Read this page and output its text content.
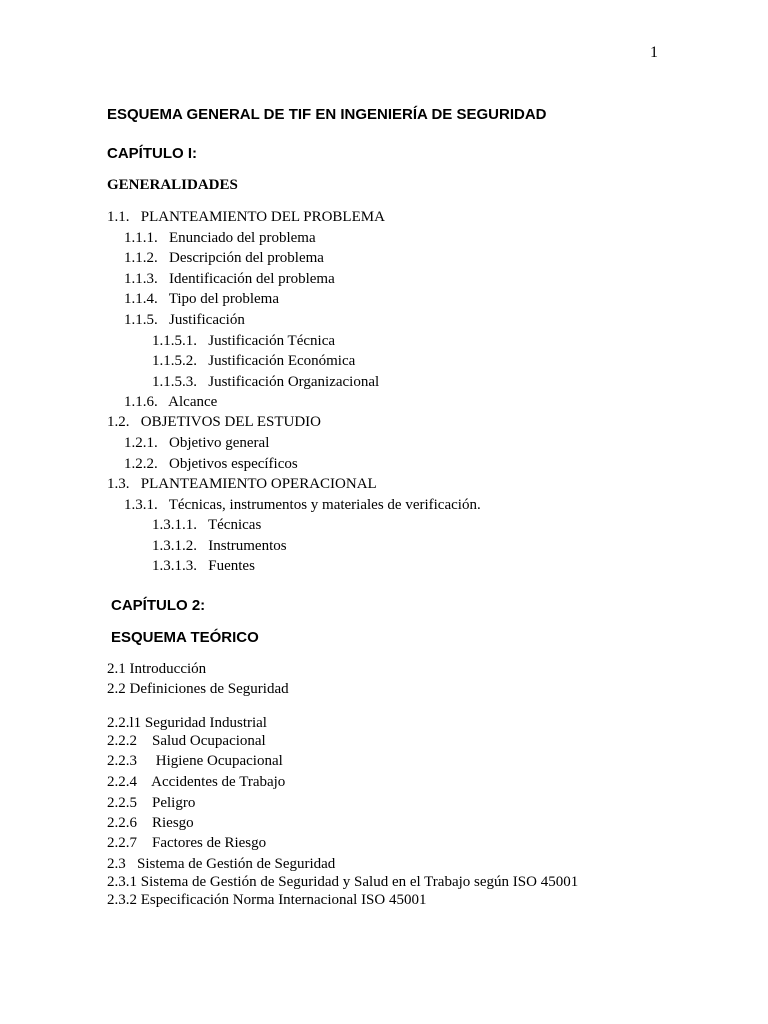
1
ESQUEMA GENERAL DE TIF EN INGENIERÍA DE SEGURIDAD
CAPÍTULO I:
GENERALIDADES
1.1.   PLANTEAMIENTO DEL PROBLEMA
1.1.1.   Enunciado del problema
1.1.2.   Descripción del problema
1.1.3.   Identificación del problema
1.1.4.   Tipo del problema
1.1.5.   Justificación
1.1.5.1.   Justificación Técnica
1.1.5.2.   Justificación Económica
1.1.5.3.   Justificación Organizacional
1.1.6.   Alcance
1.2.   OBJETIVOS DEL ESTUDIO
1.2.1.   Objetivo general
1.2.2.   Objetivos específicos
1.3.   PLANTEAMIENTO OPERACIONAL
1.3.1.   Técnicas, instrumentos y materiales de verificación.
1.3.1.1.   Técnicas
1.3.1.2.   Instrumentos
1.3.1.3.   Fuentes
CAPÍTULO 2:
ESQUEMA TEÓRICO
2.1 Introducción
2.2 Definiciones de Seguridad
2.2.l1 Seguridad Industrial
2.2.2    Salud Ocupacional
2.2.3     Higiene Ocupacional
2.2.4    Accidentes de Trabajo
2.2.5    Peligro
2.2.6    Riesgo
2.2.7    Factores de Riesgo
2.3   Sistema de Gestión de Seguridad
2.3.1 Sistema de Gestión de Seguridad y Salud en el Trabajo según ISO 45001
2.3.2 Especificación Norma Internacional ISO 45001
